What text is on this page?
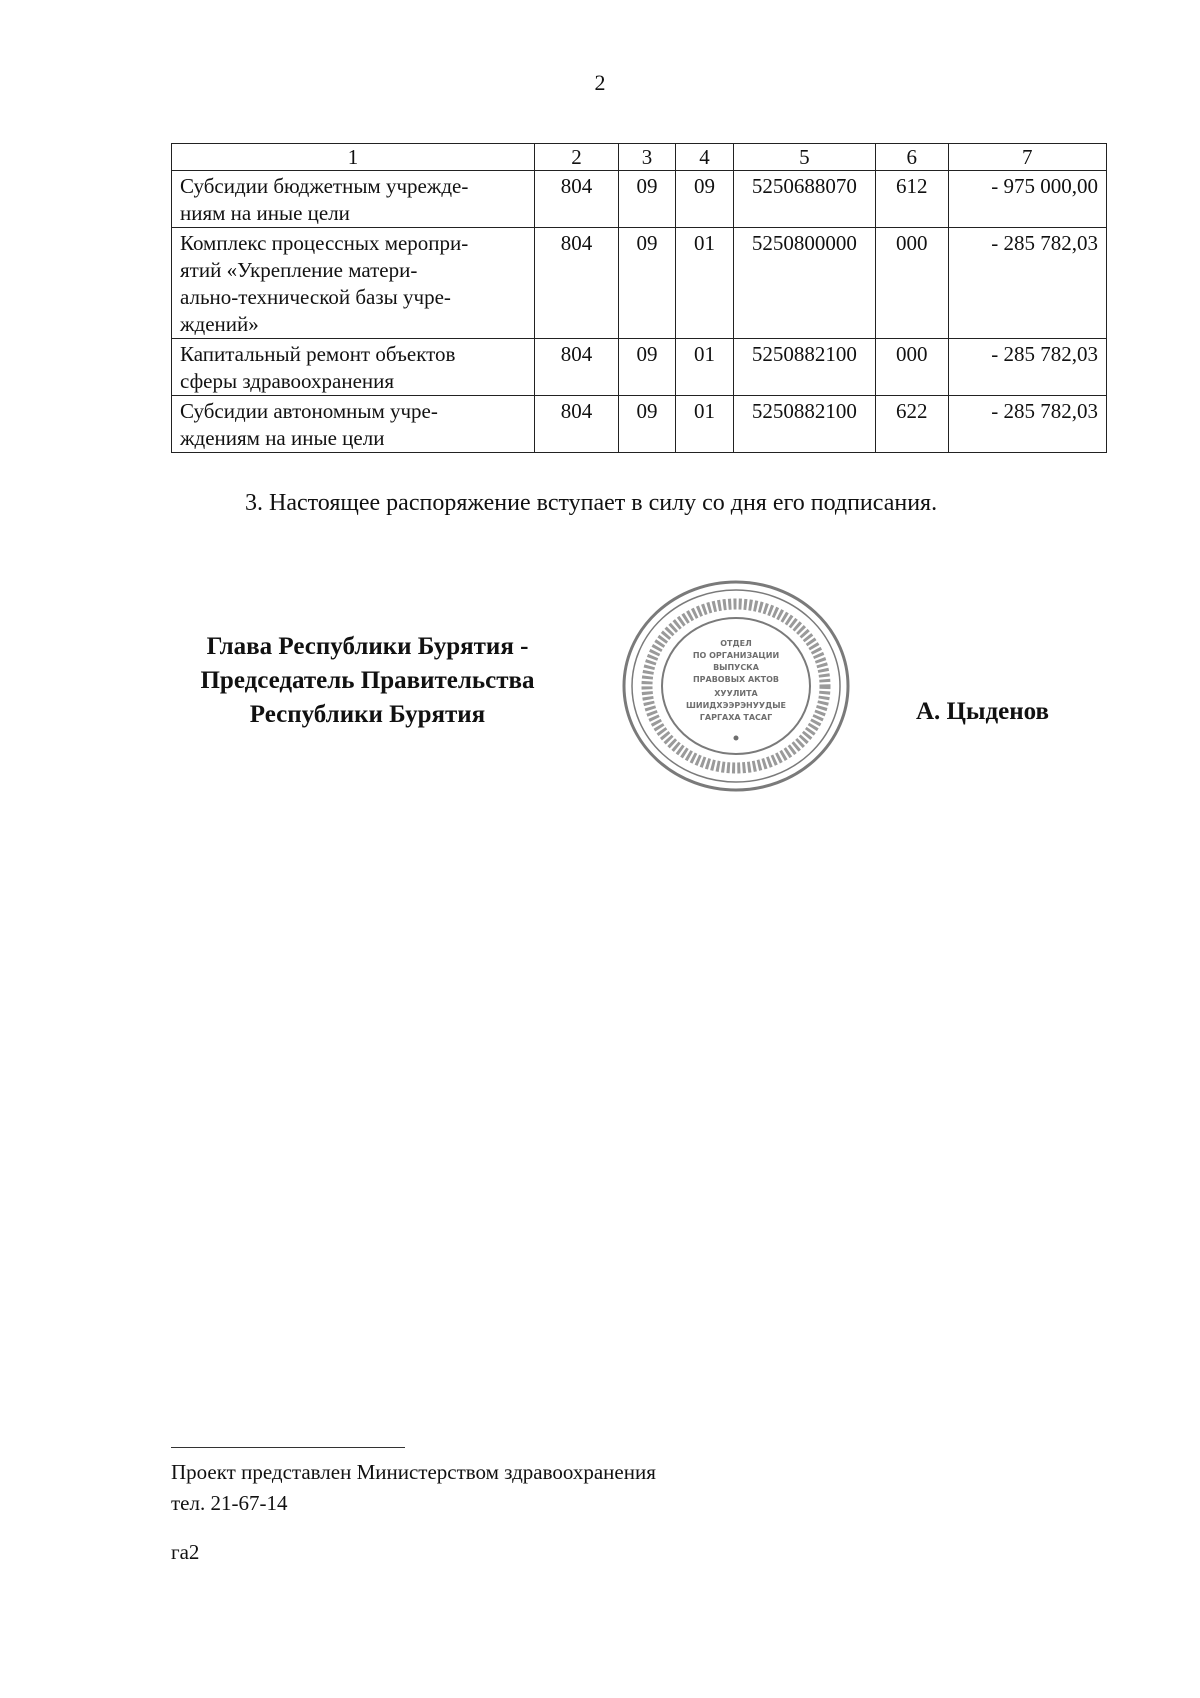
2
1	2	3	4	5	6	7

Субсидии бюджетным учрежде-
ниям на иные цели	804	09	09	5250688070	612	- 975 000,00

Комплекс процессных меропри-
ятий «Укрепление матери-
ально-технической базы учре-
ждений»	804	09	01	5250800000	000	- 285 782,03

Капитальный ремонт объектов
сферы здравоохранения	804	09	01	5250882100	000	- 285 782,03

Субсидии автономным учре-
ждениям на иные цели	804	09	01	5250882100	622	- 285 782,03

3. Настоящее распоряжение вступает в силу со дня его подписания.

Глава Республики Бурятия -
Председатель Правительства
Республики Бурятия
ОТДЕЛ
ПО ОРГАНИЗАЦИИ
ВЫПУСКА
ПРАВОВЫХ АКТОВ
ХУУЛИТА
ШИИДХЭЭРЭНУУДЫЕ
ГАРГАХА ТАСАГ	А. Цыденов
Проект представлен Министерством здравоохранения
тел. 21-67-14
га2
